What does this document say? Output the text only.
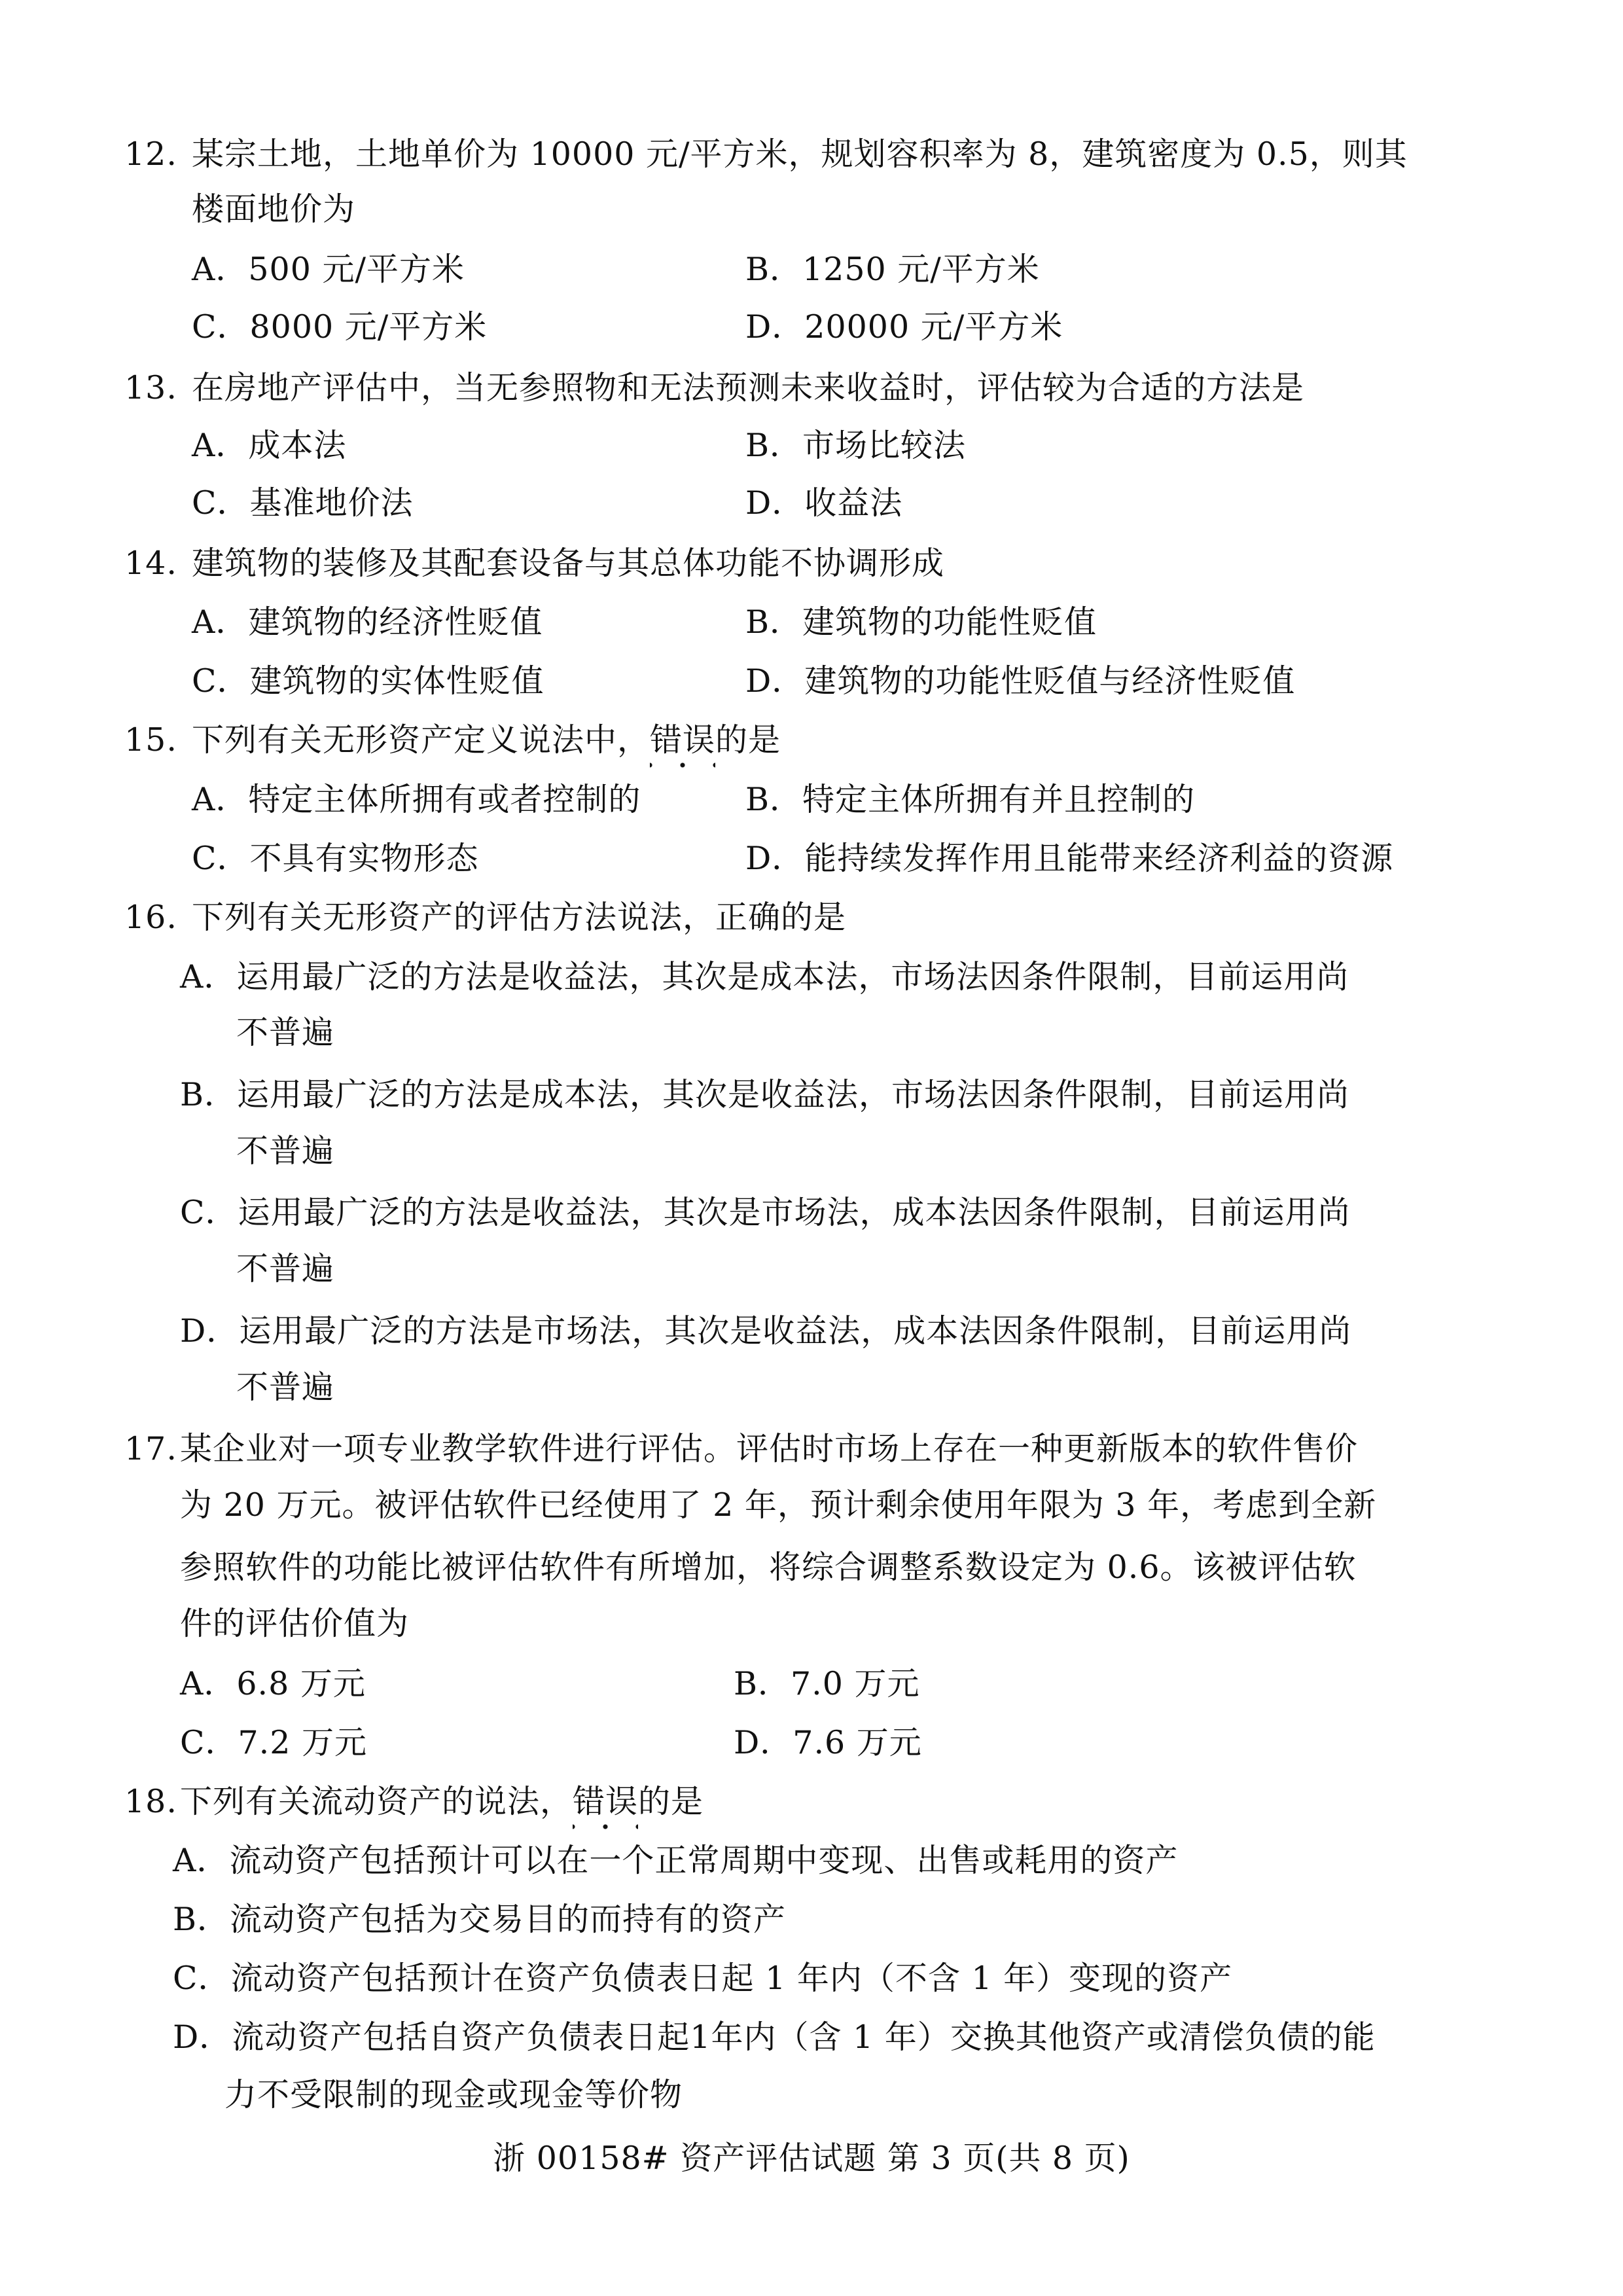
12. 某宗土地，土地单价为 10000 元/平方米，规划容积率为 8，建筑密度为 0.5，则其
楼面地价为
A．500 元/平方米	B．1250 元/平方米
C．8000 元/平方米	D．20000 元/平方米
13. 在房地产评估中，当无参照物和无法预测未来收益时，评估较为合适的方法是
A．成本法	B．市场比较法
C．基准地价法	D．收益法
14. 建筑物的装修及其配套设备与其总体功能不协调形成
A．建筑物的经济性贬值	B．建筑物的功能性贬值
C．建筑物的实体性贬值	D．建筑物的功能性贬值与经济性贬值
15. 下列有关无形资产定义说法中，错误的是
A．特定主体所拥有或者控制的	B．特定主体所拥有并且控制的
C．不具有实物形态	D．能持续发挥作用且能带来经济利益的资源
16. 下列有关无形资产的评估方法说法，正确的是
A．运用最广泛的方法是收益法，其次是成本法，市场法因条件限制，目前运用尚
不普遍
B．运用最广泛的方法是成本法，其次是收益法，市场法因条件限制，目前运用尚
不普遍
C．运用最广泛的方法是收益法，其次是市场法，成本法因条件限制，目前运用尚
不普遍
D．运用最广泛的方法是市场法，其次是收益法，成本法因条件限制，目前运用尚
不普遍
17. 某企业对一项专业教学软件进行评估。评估时市场上存在一种更新版本的软件售价
为 20 万元。被评估软件已经使用了 2 年，预计剩余使用年限为 3 年，考虑到全新
参照软件的功能比被评估软件有所增加，将综合调整系数设定为 0.6。该被评估软
件的评估价值为
A．6.8 万元	B．7.0 万元
C．7.2 万元	D．7.6 万元
18. 下列有关流动资产的说法，错误的是
A．流动资产包括预计可以在一个正常周期中变现、出售或耗用的资产
B．流动资产包括为交易目的而持有的资产
C．流动资产包括预计在资产负债表日起 1 年内（不含 1 年）变现的资产
D．流动资产包括自资产负债表日起1年内（含 1 年）交换其他资产或清偿负债的能
力不受限制的现金或现金等价物
浙 00158# 资产评估试题 第 3 页(共 8 页)
